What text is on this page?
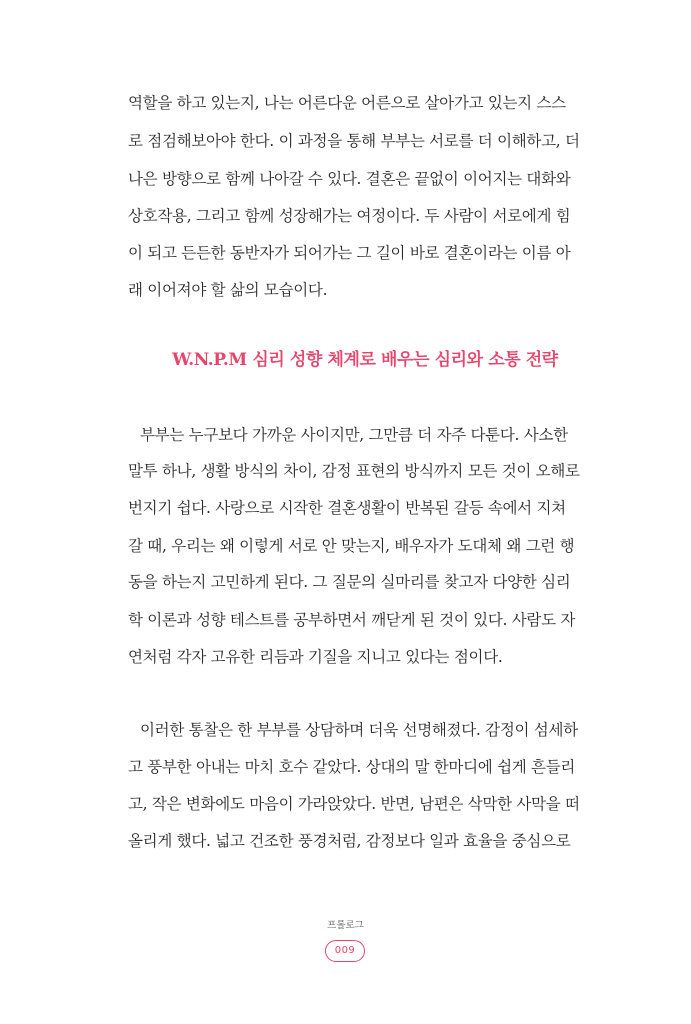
역할을 하고 있는지, 나는 어른다운 어른으로 살아가고 있는지 스스
로 점검해보아야 한다. 이 과정을 통해 부부는 서로를 더 이해하고, 더
나은 방향으로 함께 나아갈 수 있다. 결혼은 끝없이 이어지는 대화와
상호작용, 그리고 함께 성장해가는 여정이다. 두 사람이 서로에게 힘
이 되고 든든한 동반자가 되어가는 그 길이 바로 결혼이라는 이름 아
래 이어져야 할 삶의 모습이다.
W.N.P.M 심리 성향 체계로 배우는 심리와 소통 전략
부부는 누구보다 가까운 사이지만, 그만큼 더 자주 다툰다. 사소한
말투 하나, 생활 방식의 차이, 감정 표현의 방식까지 모든 것이 오해로
번지기 쉽다. 사랑으로 시작한 결혼생활이 반복된 갈등 속에서 지쳐
갈 때, 우리는 왜 이렇게 서로 안 맞는지, 배우자가 도대체 왜 그런 행
동을 하는지 고민하게 된다. 그 질문의 실마리를 찾고자 다양한 심리
학 이론과 성향 테스트를 공부하면서 깨닫게 된 것이 있다. 사람도 자
연처럼 각자 고유한 리듬과 기질을 지니고 있다는 점이다.
이러한 통찰은 한 부부를 상담하며 더욱 선명해졌다. 감정이 섬세하
고 풍부한 아내는 마치 호수 같았다. 상대의 말 한마디에 쉽게 흔들리
고, 작은 변화에도 마음이 가라앉았다. 반면, 남편은 삭막한 사막을 떠
올리게 했다. 넓고 건조한 풍경처럼, 감정보다 일과 효율을 중심으로
프롤로그
009
